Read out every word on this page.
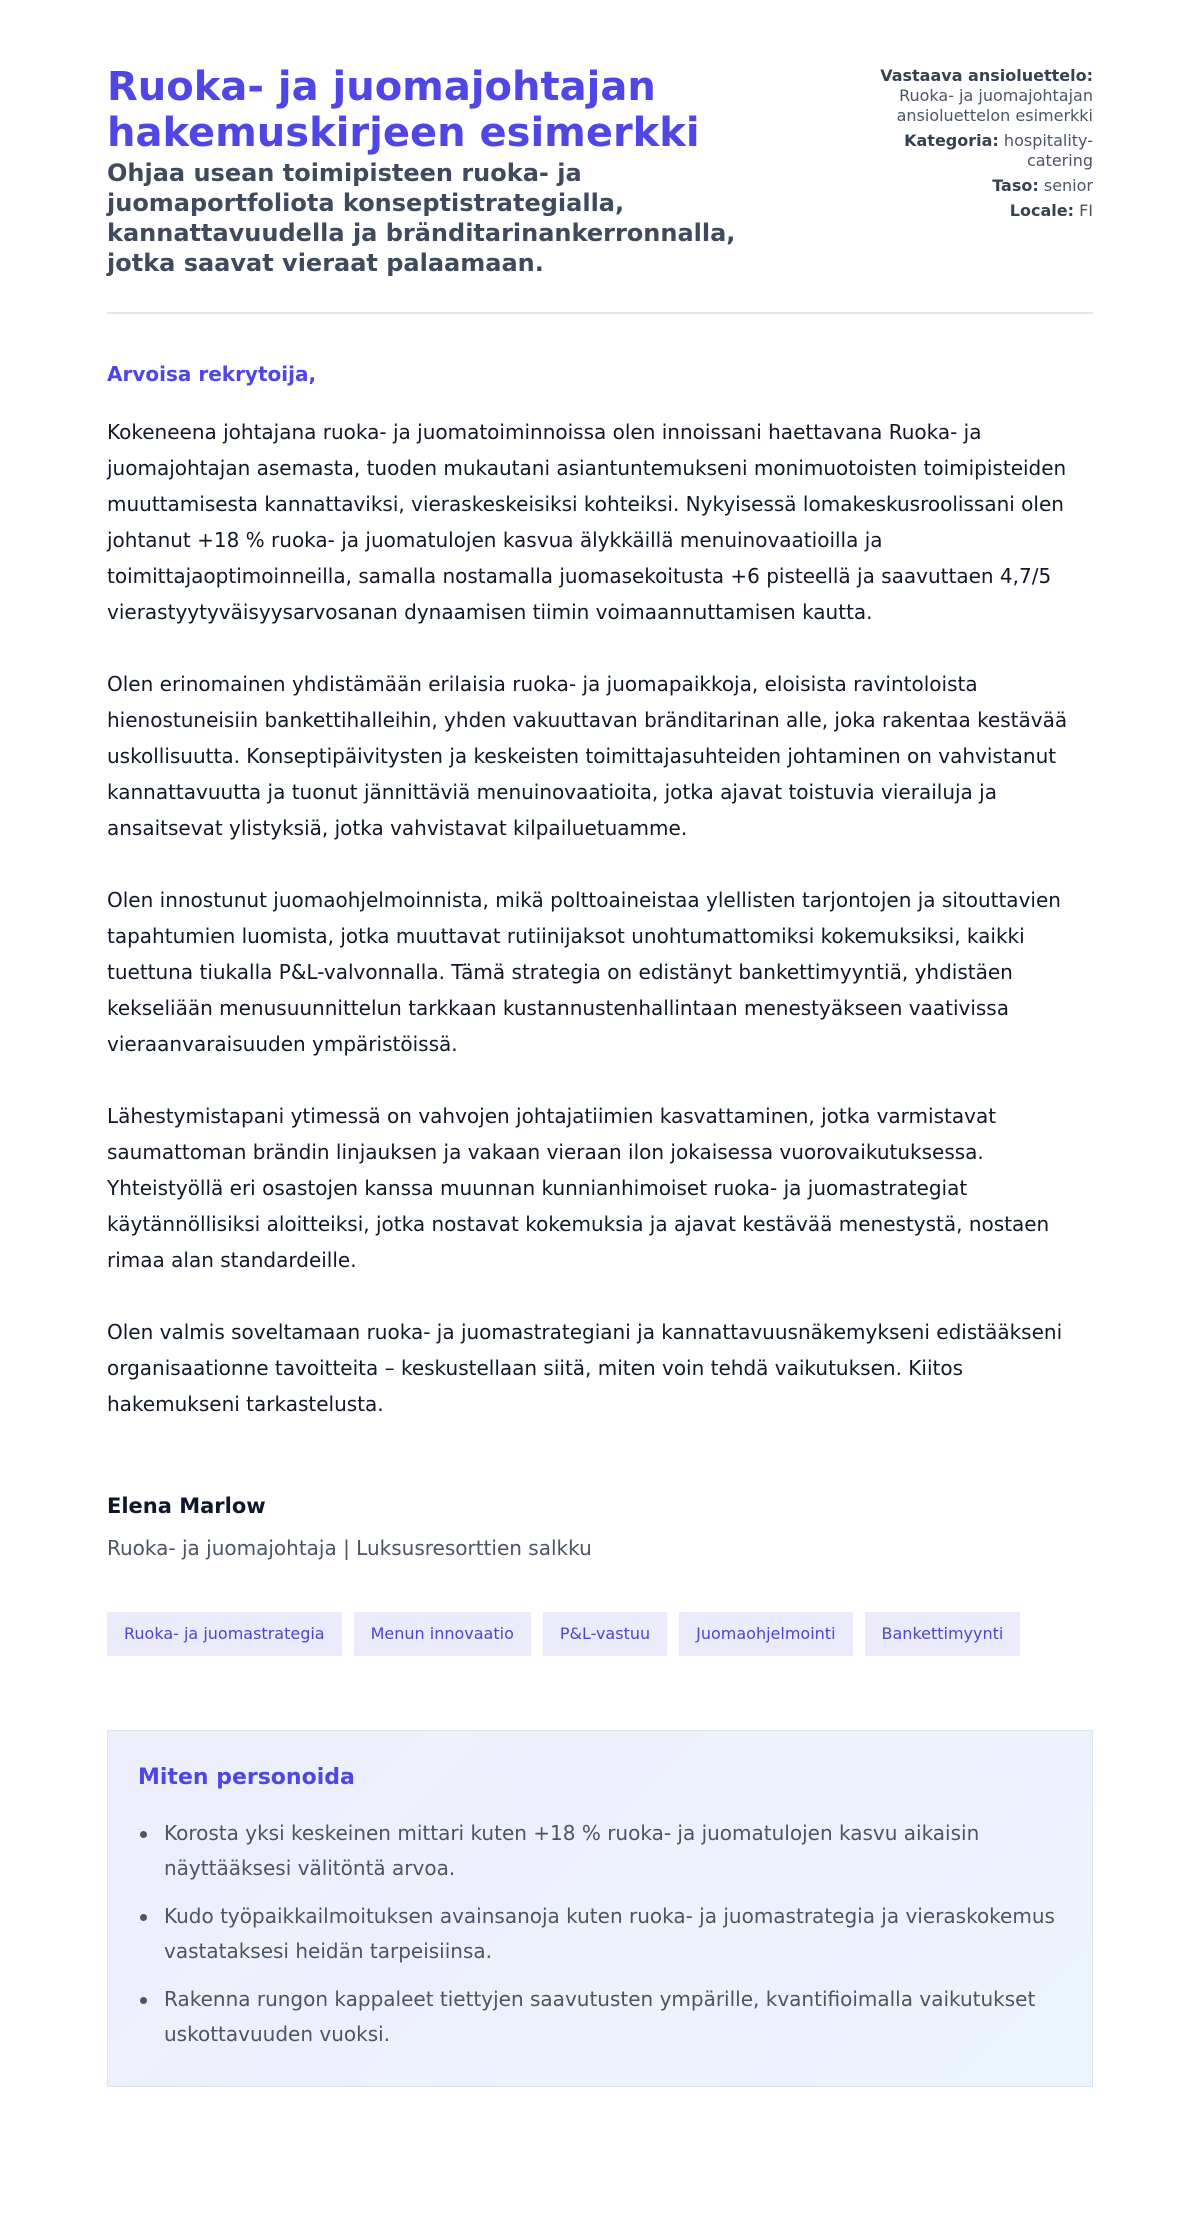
Ruoka- ja juomajohtajan hakemuskirjeen esimerkki
Ohjaa usean toimipisteen ruoka- ja juomaportfoliota konseptistrategialla, kannattavuudella ja bränditarinankerronnalla, jotka saavat vieraat palaamaan.
Vastaava ansioluettelo: Ruoka- ja juomajohtajan ansioluettelon esimerkki
Kategoria: hospitality-catering
Taso: senior
Locale: FI

Arvoisa rekrytoija,

Kokeneena johtajana ruoka- ja juomatoiminnoissa olen innoissani haettavana Ruoka- ja juomajohtajan asemasta, tuoden mukautani asiantuntemukseni monimuotoisten toimipisteiden muuttamisesta kannattaviksi, vieraskeskeisiksi kohteiksi. Nykyisessä lomakeskusroolissani olen johtanut +18 % ruoka- ja juomatulojen kasvua älykkäillä menuinovaatioilla ja toimittajaoptimoinneilla, samalla nostamalla juomasekoitusta +6 pisteellä ja saavuttaen 4,7/5 vierastyytyväisyysarvosanan dynaamisen tiimin voimaannuttamisen kautta.

Olen erinomainen yhdistämään erilaisia ruoka- ja juomapaikkoja, eloisista ravintoloista hienostuneisiin bankettihalleihin, yhden vakuuttavan bränditarinan alle, joka rakentaa kestävää uskollisuutta. Konseptipäivitysten ja keskeisten toimittajasuhteiden johtaminen on vahvistanut kannattavuutta ja tuonut jännittäviä menuinovaatioita, jotka ajavat toistuvia vierailuja ja ansaitsevat ylistyksiä, jotka vahvistavat kilpailuetuamme.

Olen innostunut juomaohjelmoinnista, mikä polttoaineistaa ylellisten tarjontojen ja sitouttavien tapahtumien luomista, jotka muuttavat rutiinijaksot unohtumattomiksi kokemuksiksi, kaikki tuettuna tiukalla P&L-valvonnalla. Tämä strategia on edistänyt bankettimyyntiä, yhdistäen kekseliään menusuunnittelun tarkkaan kustannustenhallintaan menestyäkseen vaativissa vieraanvaraisuuden ympäristöissä.

Lähestymistapani ytimessä on vahvojen johtajatiimien kasvattaminen, jotka varmistavat saumattoman brändin linjauksen ja vakaan vieraan ilon jokaisessa vuorovaikutuksessa. Yhteistyöllä eri osastojen kanssa muunnan kunnianhimoiset ruoka- ja juomastrategiat käytännöllisiksi aloitteiksi, jotka nostavat kokemuksia ja ajavat kestävää menestystä, nostaen rimaa alan standardeille.

Olen valmis soveltamaan ruoka- ja juomastrategiani ja kannattavuusnäkemykseni edistääkseni organisaationne tavoitteita – keskustellaan siitä, miten voin tehdä vaikutuksen. Kiitos hakemukseni tarkastelusta.

Elena Marlow
Ruoka- ja juomajohtaja | Luksusresorttien salkku
Ruoka- ja juomastrategia	Menun innovaatio	P&L-vastuu	Juomaohjelmointi	Bankettimyynti
Miten personoida
Korosta yksi keskeinen mittari kuten +18 % ruoka- ja juomatulojen kasvu aikaisin näyttääksesi välitöntä arvoa.
Kudo työpaikkailmoituksen avainsanoja kuten ruoka- ja juomastrategia ja vieraskokemus vastataksesi heidän tarpeisiinsa.
Rakenna rungon kappaleet tiettyjen saavutusten ympärille, kvantifioimalla vaikutukset uskottavuuden vuoksi.
